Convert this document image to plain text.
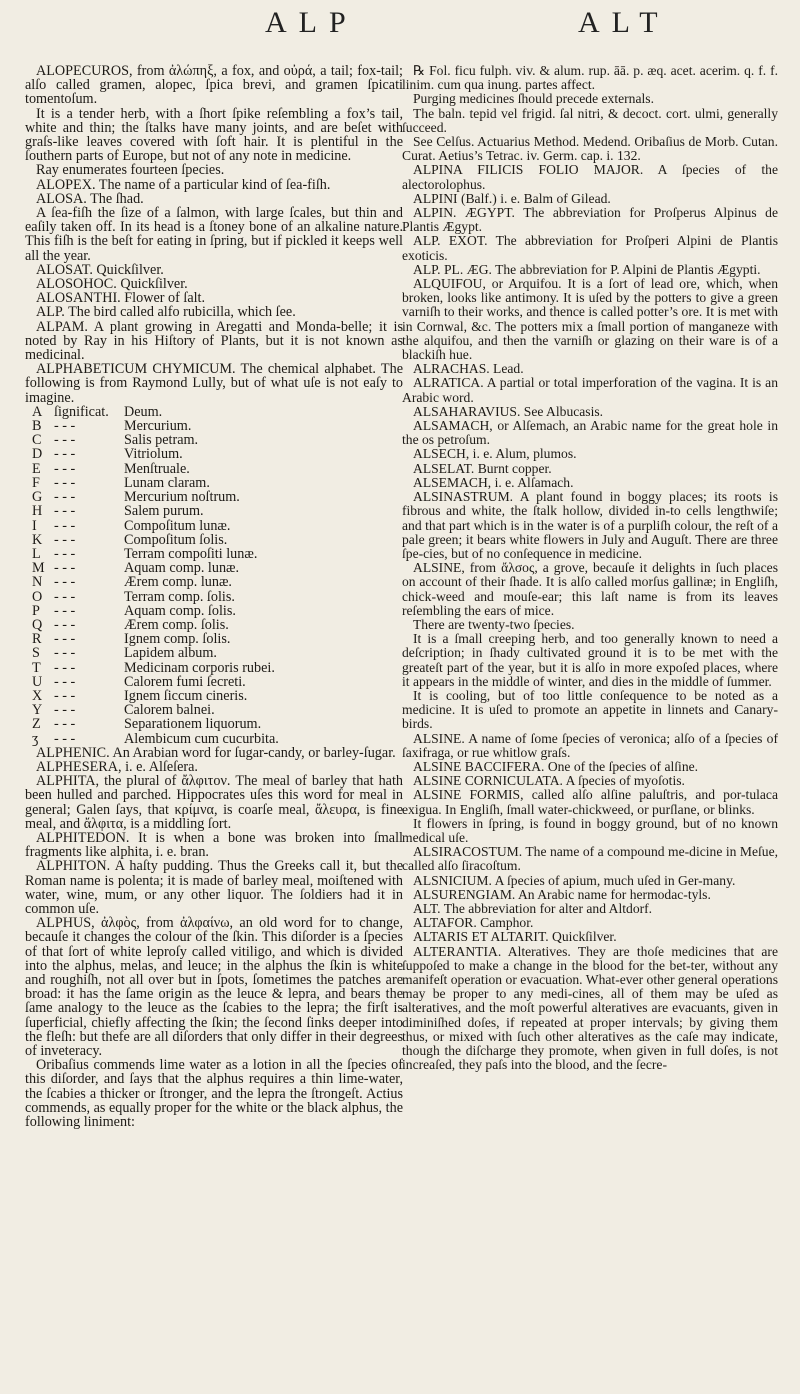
ALP	ALT

ALOPECUROS, from ἀλώπηξ, a fox, and οὐρά, a tail; fox-tail; alſo called gramen, alopec, ſpica brevi, and gramen ſpicati tomentoſum.

It is a tender herb, with a ſhort ſpike reſembling a fox’s tail, white and thin; the ſtalks have many joints, and are beſet with graſs-like leaves covered with ſoft hair. It is plentiful in the ſouthern parts of Europe, but not of any note in medicine.

Ray enumerates fourteen ſpecies.

ALOPEX. The name of a particular kind of ſea-fiſh.

ALOSA. The ſhad.

A ſea-fiſh the ſize of a ſalmon, with large ſcales, but thin and eaſily taken off. In its head is a ſtoney bone of an alkaline nature. This fiſh is the beſt for eating in ſpring, but if pickled it keeps well all the year.

ALOSAT. Quickſilver.

ALOSOHOC. Quickſilver.

ALOSANTHI. Flower of ſalt.

ALP. The bird called alfo rubicilla, which ſee.

ALPAM. A plant growing in Aregatti and Monda-belle; it is noted by Ray in his Hiſtory of Plants, but it is not known as medicinal.

ALPHABETICUM CHYMICUM. The chemical alphabet. The following is from Raymond Lully, but of what uſe is not eaſy to imagine.

A	ſignificat.	Deum.
B	- - -	Mercurium.
C	- - -	Salis petram.
D	- - -	Vitriolum.
E	- - -	Menſtruale.
F	- - -	Lunam claram.
G	- - -	Mercurium noſtrum.
H	- - -	Salem purum.
I	- - -	Compoſitum lunæ.
K	- - -	Compoſitum ſolis.
L	- - -	Terram compoſiti lunæ.
M	- - -	Aquam comp. lunæ.
N	- - -	Ærem comp. lunæ.
O	- - -	Terram comp. ſolis.
P	- - -	Aquam comp. ſolis.
Q	- - -	Ærem comp. ſolis.
R	- - -	Ignem comp. ſolis.
S	- - -	Lapidem album.
T	- - -	Medicinam corporis rubei.
U	- - -	Calorem fumi ſecreti.
X	- - -	Ignem ſiccum cineris.
Y	- - -	Calorem balnei.
Z	- - -	Separationem liquorum.
ʒ	- - -	Alembicum cum cucurbita.

ALPHENIC. An Arabian word for ſugar-candy, or barley-ſugar.

ALPHESERA, i. e. Alſeſera.

ALPHITA, the plural of ἄλφιτον. The meal of barley that hath been hulled and parched. Hippocrates uſes this word for meal in general; Galen ſays, that κρίμνα, is coarſe meal, ἄλευρα, is fine meal, and ἄλφιτα, is a middling ſort.

ALPHITEDON. It is when a bone was broken into ſmall fragments like alphita, i. e. bran.

ALPHITON. A haſty pudding. Thus the Greeks call it, but the Roman name is polenta; it is made of barley meal, moiſtened with water, wine, mum, or any other liquor. The ſoldiers had it in common uſe.

ALPHUS, ἀλφὸς, from ἀλφαίνω, an old word for to change, becauſe it changes the colour of the ſkin. This diſorder is a ſpecies of that ſort of white leproſy called vitiligo, and which is divided into the alphus, melas, and leuce; in the alphus the ſkin is white and roughiſh, not all over but in ſpots, ſometimes the patches are broad: it has the ſame origin as the leuce & lepra, and bears the ſame analogy to the leuce as the ſcabies to the lepra; the firſt is ſuperficial, chiefly affecting the ſkin; the ſecond ſinks deeper into the fleſh: but thefe are all diſorders that only differ in their degrees of inveteracy.

Oribaſius commends lime water as a lotion in all the ſpecies of this diſorder, and ſays that the alphus requires a thin lime-water, the ſcabies a thicker or ſtronger, and the lepra the ſtrongeſt. Actius commends, as equally proper for the white or the black alphus, the following liniment:

℞ Fol. ficu fulph. viv. & alum. rup. āā. p. æq. acet. acerim. q. f. f. linim. cum qua inung. partes affect.

Purging medicines ſhould precede externals.

The baln. tepid vel frigid. ſal nitri, & decoct. cort. ulmi, generally ſucceed.

See Celſus. Actuarius Method. Medend. Oribaſius de Morb. Cutan. Curat. Aetius’s Tetrac. iv. Germ. cap. i. 132.

ALPINA FILICIS FOLIO MAJOR. A ſpecies of the alectorolophus.

ALPINI (Balf.) i. e. Balm of Gilead.

ALPIN. ÆGYPT. The abbreviation for Proſperus Alpinus de Plantis Ægypt.

ALP. EXOT. The abbreviation for Proſperi Alpini de Plantis exoticis.

ALP. PL. ÆG. The abbreviation for P. Alpini de Plantis Ægypti.

ALQUIFOU, or Arquifou. It is a ſort of lead ore, which, when broken, looks like antimony. It is uſed by the potters to give a green varniſh to their works, and thence is called potter’s ore. It is met with in Cornwal, &c. The potters mix a ſmall portion of manganeze with the alquifou, and then the varniſh or glazing on their ware is of a blackiſh hue.

ALRACHAS. Lead.

ALRATICA. A partial or total imperforation of the vagina. It is an Arabic word.

ALSAHARAVIUS. See Albucasis.

ALSAMACH, or Alſemach, an Arabic name for the great hole in the os petroſum.

ALSECH, i. e. Alum, plumos.

ALSELAT. Burnt copper.

ALSEMACH, i. e. Alſamach.

ALSINASTRUM. A plant found in boggy places; its roots is fibrous and white, the ſtalk hollow, divided in-to cells lengthwiſe; and that part which is in the water is of a purpliſh colour, the reſt of a pale green; it bears white flowers in July and Auguſt. There are three ſpe-cies, but of no conſequence in medicine.

ALSINE, from ἄλσος, a grove, becauſe it delights in ſuch places on account of their ſhade. It is alſo called morſus gallinæ; in Engliſh, chick-weed and mouſe-ear; this laſt name is from its leaves reſembling the ears of mice.

There are twenty-two ſpecies.

It is a ſmall creeping herb, and too generally known to need a deſcription; in ſhady cultivated ground it is to be met with the greateſt part of the year, but it is alſo in more expoſed places, where it appears in the middle of winter, and dies in the middle of ſummer.

It is cooling, but of too little conſequence to be noted as a medicine. It is uſed to promote an appetite in linnets and Canary-birds.

ALSINE. A name of ſome ſpecies of veronica; alſo of a ſpecies of ſaxifraga, or rue whitlow graſs.

ALSINE BACCIFERA. One of the ſpecies of alſine.

ALSINE CORNICULATA. A ſpecies of myoſotis.

ALSINE FORMIS, called alſo alſine paluſtris, and por-tulaca exigua. In Engliſh, ſmall water-chickweed, or purſlane, or blinks.

It flowers in ſpring, is found in boggy ground, but of no known medical uſe.

ALSIRACOSTUM. The name of a compound me-dicine in Meſue, called alſo ſiracoſtum.

ALSNICIUM. A ſpecies of apium, much uſed in Ger-many.

ALSURENGIAM. An Arabic name for hermodac-tyls.

ALT. The abbreviation for alter and Altdorf.

ALTAFOR. Camphor.

ALTARIS ET ALTARIT. Quickſilver.

ALTERANTIA. Alteratives. They are thoſe medicines that are ſuppoſed to make a change in the blood for the bet-ter, without any manifeſt operation or evacuation. What-ever other general operations may be proper to any medi-cines, all of them may be uſed as alteratives, and the moſt powerful alteratives are evacuants, given in diminiſhed doſes, if repeated at proper intervals; by giving them thus, or mixed with ſuch other alteratives as the caſe may indicate, though the diſcharge they promote, when given in full doſes, is not increaſed, they paſs into the blood, and the ſecre-
